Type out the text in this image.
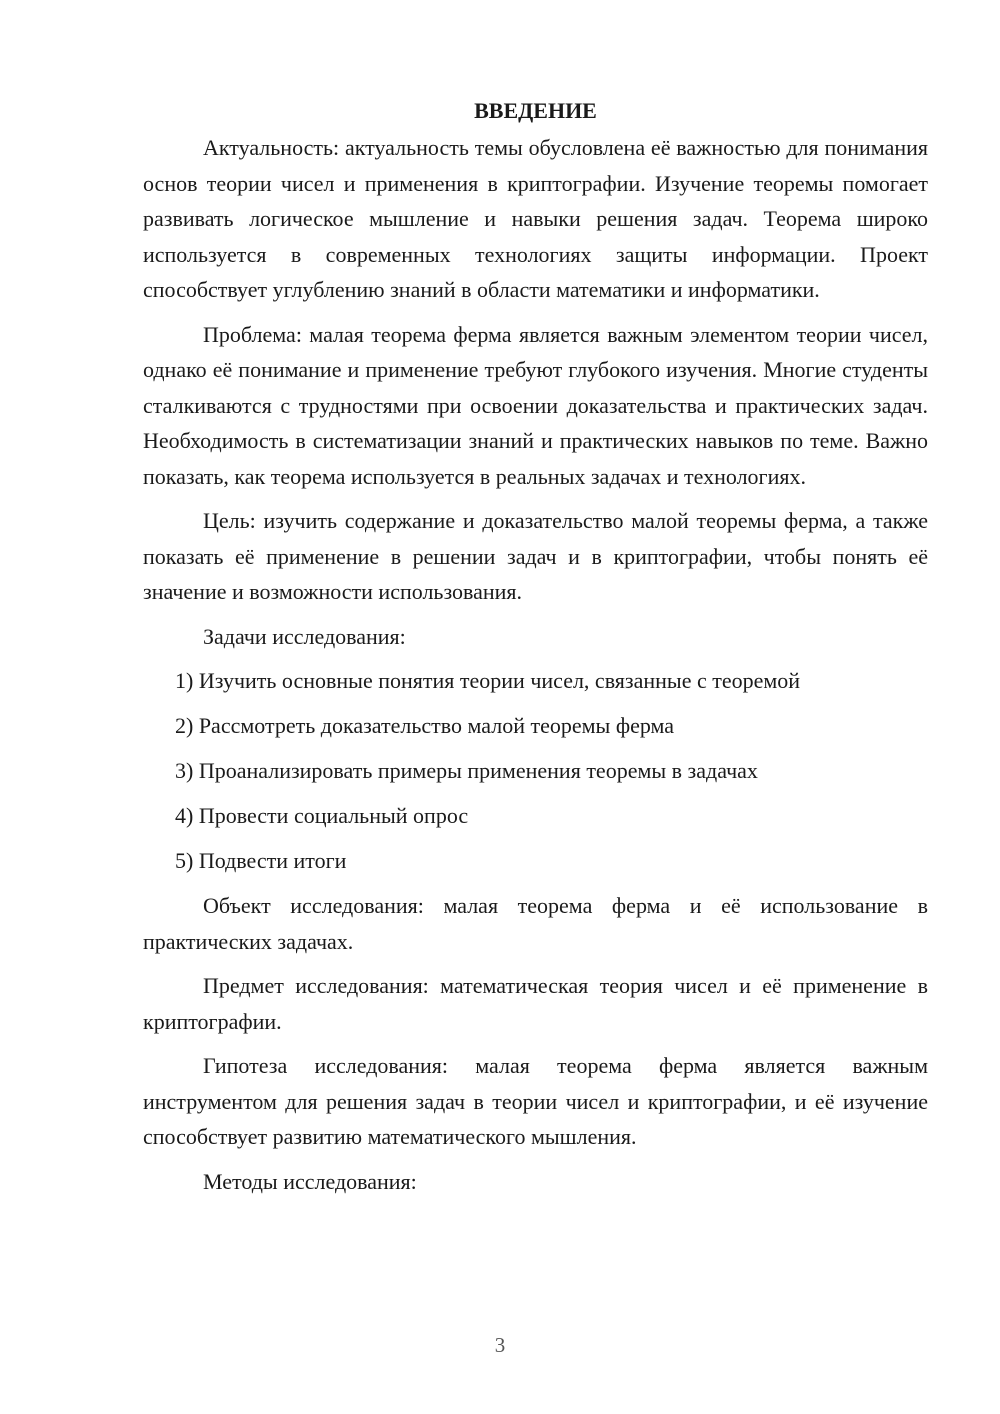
ВВЕДЕНИЕ

Актуальность: актуальность темы обусловлена её важностью для понимания основ теории чисел и применения в криптографии. Изучение теоремы помогает развивать логическое мышление и навыки решения задач. Теорема широко используется в современных технологиях защиты информации. Проект способствует углублению знаний в области математики и информатики.

Проблема: малая теорема ферма является важным элементом теории чисел, однако её понимание и применение требуют глубокого изучения. Многие студенты сталкиваются с трудностями при освоении доказательства и практических задач. Необходимость в систематизации знаний и практических навыков по теме. Важно показать, как теорема используется в реальных задачах и технологиях.

Цель: изучить содержание и доказательство малой теоремы ферма, а также показать её применение в решении задач и в криптографии, чтобы понять её значение и возможности использования.

Задачи исследования:

1) Изучить основные понятия теории чисел, связанные с теоремой
2) Рассмотреть доказательство малой теоремы ферма
3) Проанализировать примеры применения теоремы в задачах
4) Провести социальный опрос
5) Подвести итоги

Объект исследования: малая теорема ферма и её использование в практических задачах.

Предмет исследования: математическая теория чисел и её применение в криптографии.

Гипотеза исследования: малая теорема ферма является важным инструментом для решения задач в теории чисел и криптографии, и её изучение способствует развитию математического мышления.

Методы исследования:

3
